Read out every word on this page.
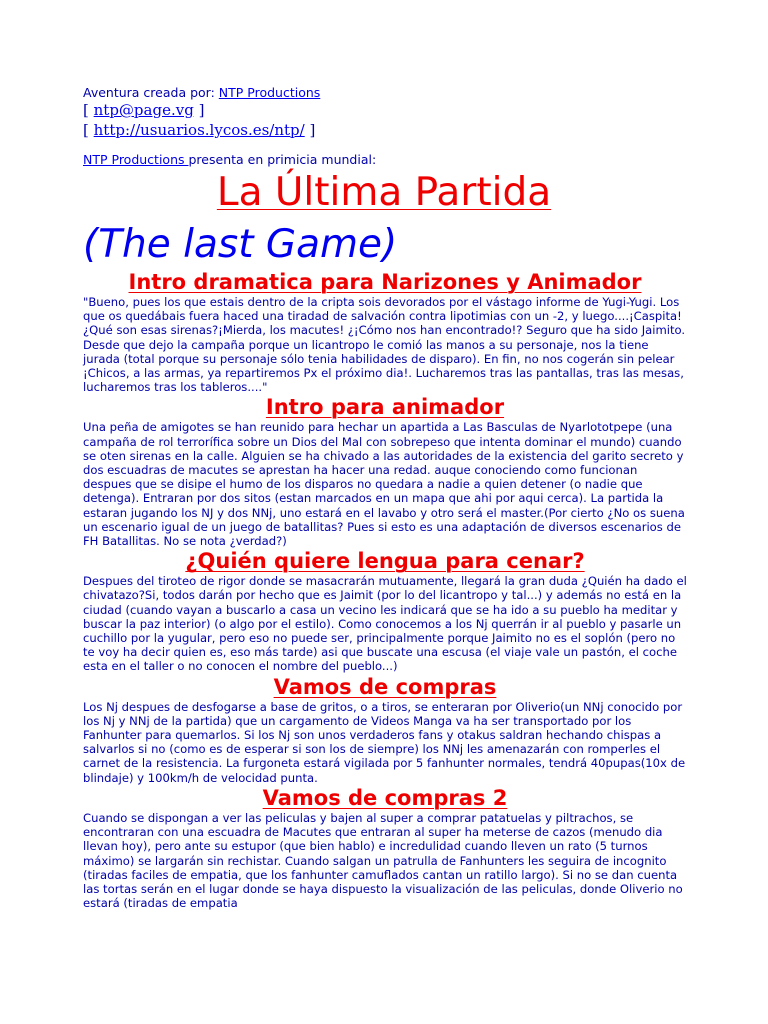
Aventura creada por: NTP Productions
[ ntp@page.vg ]
[ http://usuarios.lycos.es/ntp/ ]
NTP Productions presenta en primicia mundial:
La Última Partida
(The last Game)
Intro dramatica para Narizones y Animador

"Bueno, pues los que estais dentro de la cripta sois devorados por el vástago informe de Yugi-Yugi. Los que os quedábais fuera haced una tiradad de salvación contra lipotimias con un -2, y luego....¡Caspita! ¿Qué son esas sirenas?¡Mierda, los macutes! ¿¡Cómo nos han encontrado!? Seguro que ha sido Jaimito. Desde que dejo la campaña porque un licantropo le comió las manos a su personaje, nos la tiene jurada (total porque su personaje sólo tenia habilidades de disparo). En fin, no nos cogerán sin pelear ¡Chicos, a las armas, ya repartiremos Px el próximo dia!. Lucharemos tras las pantallas, tras las mesas, lucharemos tras los tableros...."

Intro para animador

Una peña de amigotes se han reunido para hechar un apartida a Las Basculas de Nyarlototpepe (una campaña de rol terrorífica sobre un Dios del Mal con sobrepeso que intenta dominar el mundo) cuando se oten sirenas en la calle. Alguien se ha chivado a las autoridades de la existencia del garito secreto y dos escuadras de macutes se aprestan ha hacer una redad. auque conociendo como funcionan despues que se disipe el humo de los disparos no quedara a nadie a quien detener (o nadie que detenga). Entraran por dos sitos (estan marcados en un mapa que ahi por aqui cerca). La partida la estaran jugando los NJ y dos NNj, uno estará en el lavabo y otro será el master.(Por cierto ¿No os suena un escenario igual de un juego de batallitas? Pues si esto es una adaptación de diversos escenarios de FH Batallitas. No se nota ¿verdad?)

¿Quién quiere lengua para cenar?

Despues del tiroteo de rigor donde se masacrarán mutuamente, llegará la gran duda ¿Quién ha dado el chivatazo?Si, todos darán por hecho que es Jaimit (por lo del licantropo y tal...) y además no está en la ciudad (cuando vayan a buscarlo a casa un vecino les indicará que se ha ido a su pueblo ha meditar y buscar la paz interior) (o algo por el estilo). Como conocemos a los Nj querrán ir al pueblo y pasarle un cuchillo por la yugular, pero eso no puede ser, principalmente porque Jaimito no es el soplón (pero no te voy ha decir quien es, eso más tarde) asi que buscate una escusa (el viaje vale un pastón, el coche esta en el taller o no conocen el nombre del pueblo...)

Vamos de compras

Los Nj despues de desfogarse a base de gritos, o a tiros, se enteraran por Oliverio(un NNj conocido por los Nj y NNj de la partida) que un cargamento de Videos Manga va ha ser transportado por los Fanhunter para quemarlos. Si los Nj son unos verdaderos fans y otakus saldran hechando chispas a salvarlos si no (como es de esperar si son los de siempre) los NNj les amenazarán con romperles el carnet de la resistencia. La furgoneta estará vigilada por 5 fanhunter normales, tendrá 40pupas(10x de blindaje) y 100km/h de velocidad punta.

Vamos de compras 2

Cuando se dispongan a ver las peliculas y bajen al super a comprar patatuelas y piltrachos, se encontraran con una escuadra de Macutes que entraran al super ha meterse de cazos (menudo dia llevan hoy), pero ante su estupor (que bien hablo) e incredulidad cuando lleven un rato (5 turnos máximo) se largarán sin rechistar. Cuando salgan un patrulla de Fanhunters les seguira de incognito (tiradas faciles de empatia, que los fanhunter camuflados cantan un ratillo largo). Si no se dan cuenta las tortas serán en el lugar donde se haya dispuesto la visualización de las peliculas, donde Oliverio no estará (tiradas de empatia
